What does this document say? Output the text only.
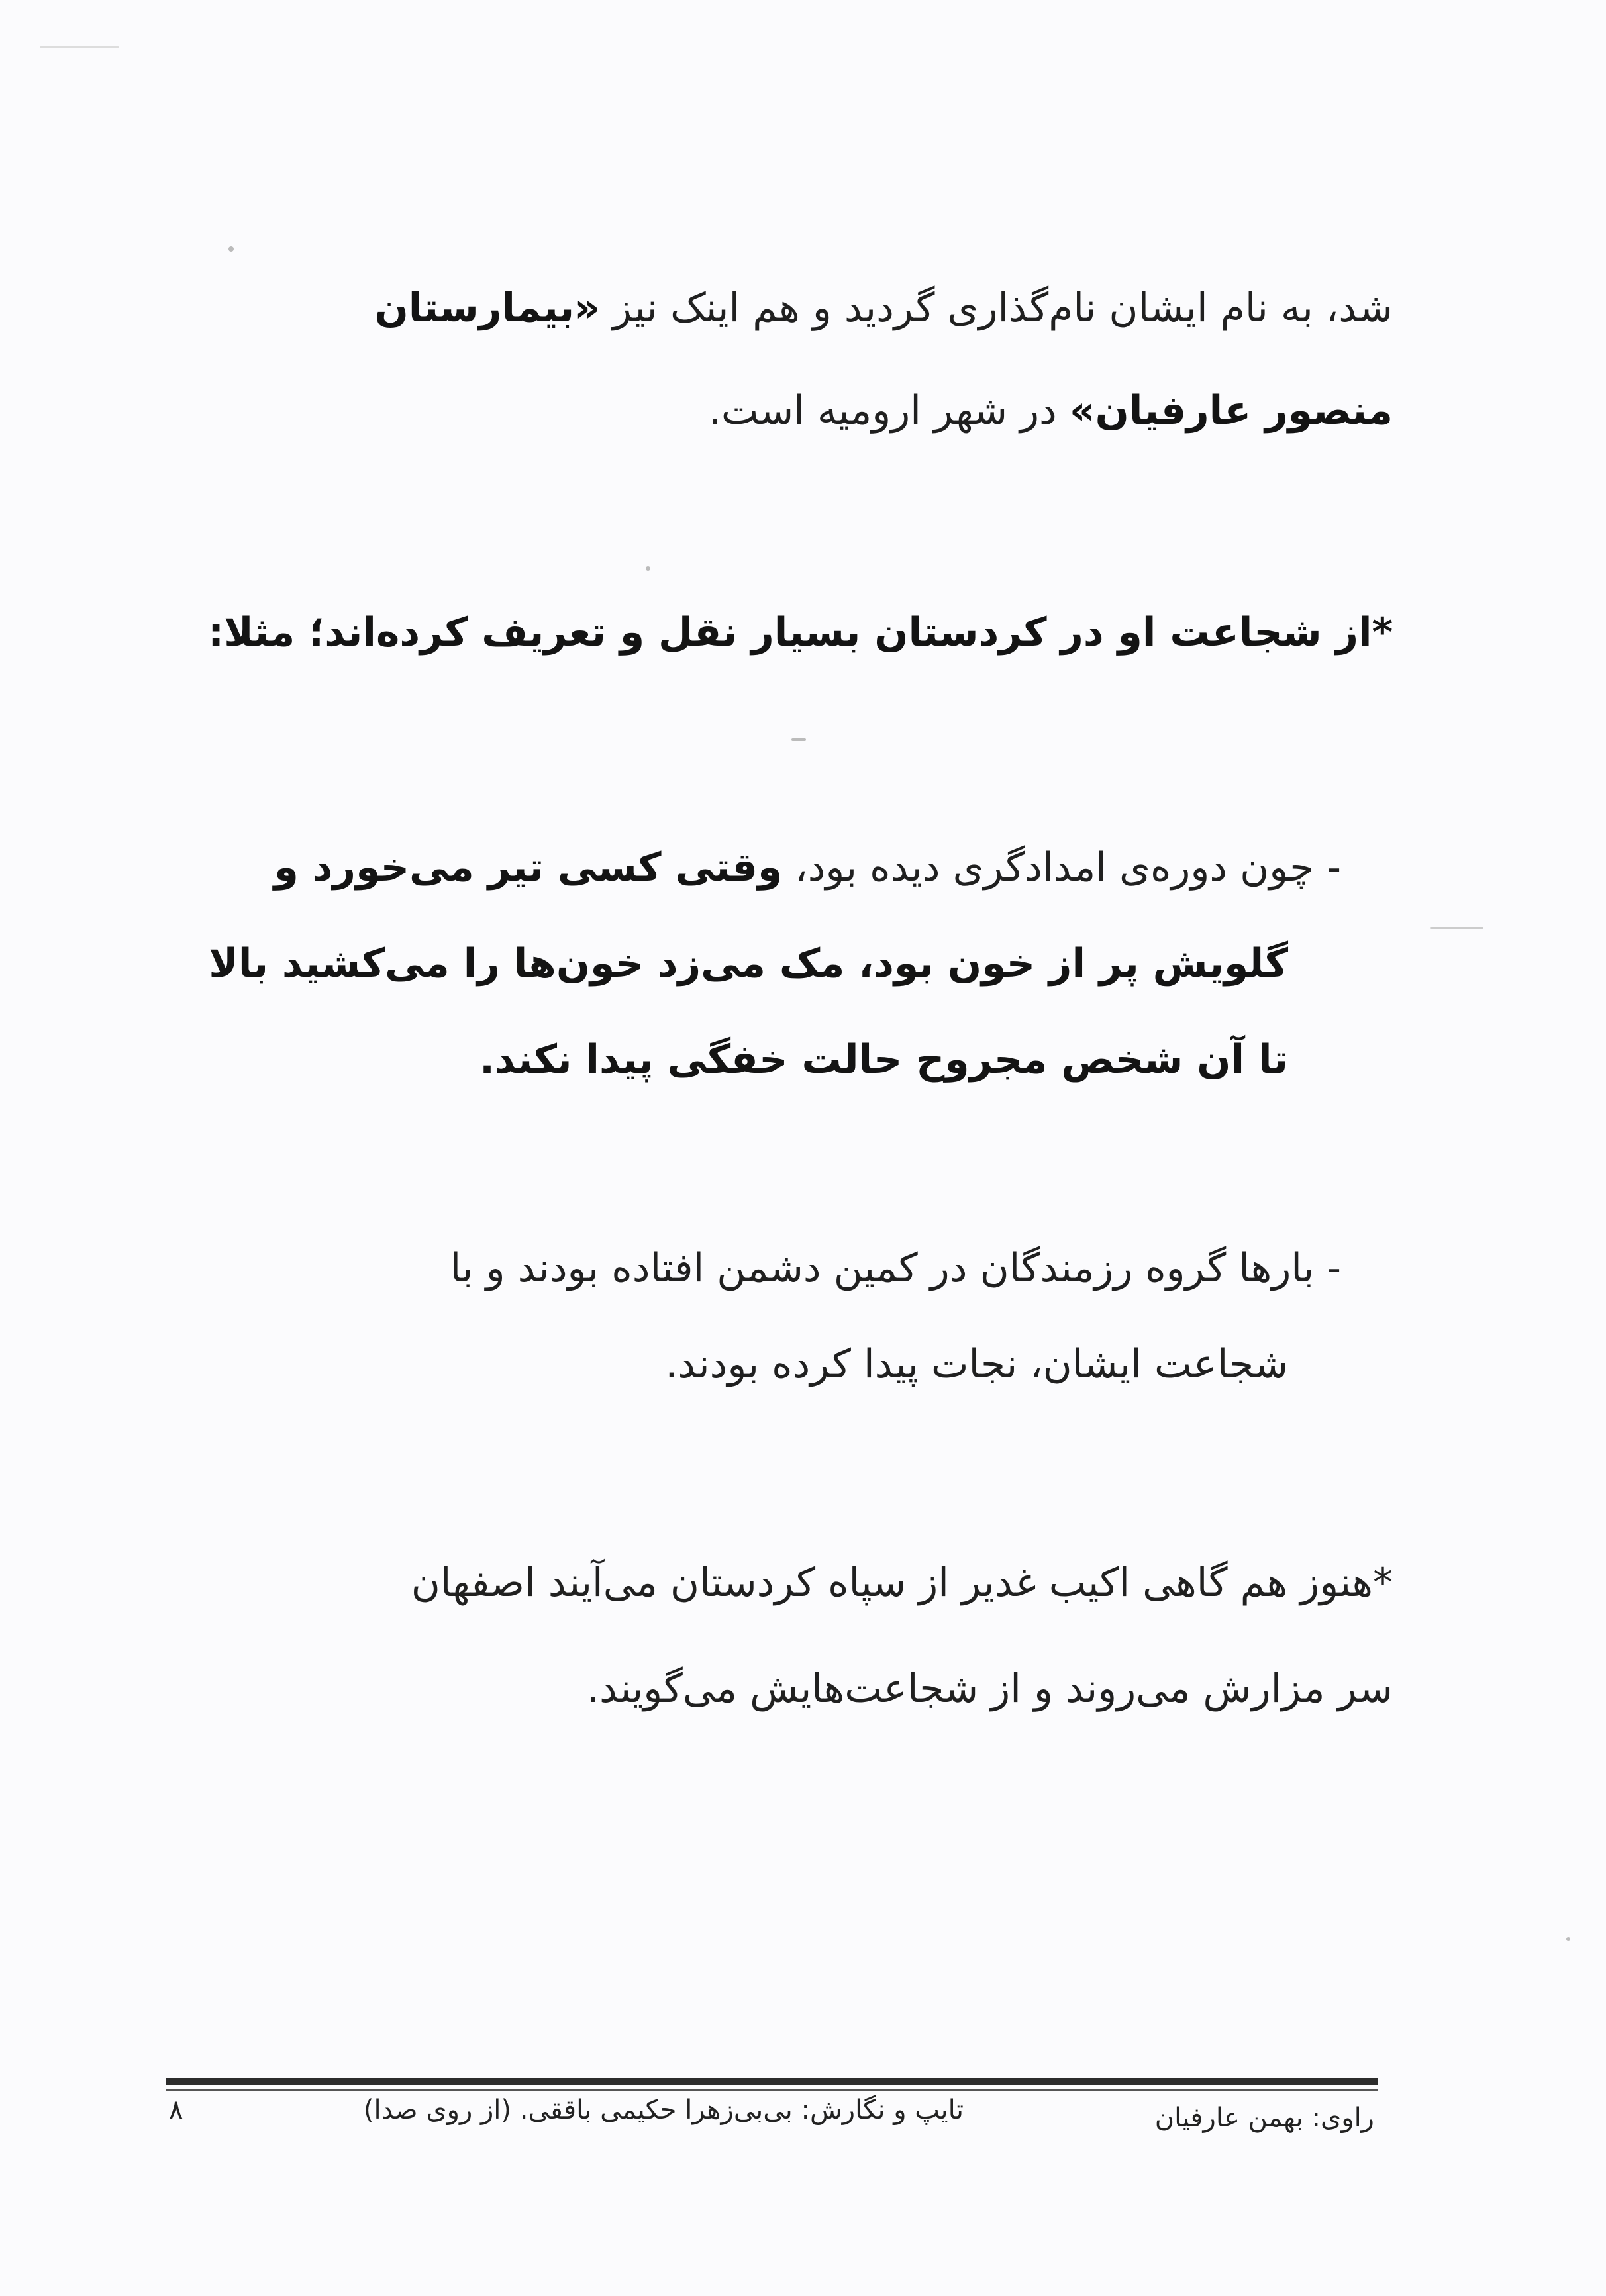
شد، به نام ایشان نام‌گذاری گردید و هم اینک نیز «بیمارستان
منصور عارفیان» در شهر ارومیه است.
*از شجاعت او در کردستان بسیار نقل و تعریف کرده‌اند؛ مثلا:
- چون دوره‌ی امدادگری دیده بود، وقتی کسی تیر می‌خورد و
گلویش پر از خون بود، مک می‌زد خون‌ها را می‌کشید بالا
تا آن شخص مجروح حالت خفگی پیدا نکند.
- بارها گروه رزمندگان در کمین دشمن افتاده بودند و با
شجاعت ایشان، نجات پیدا کرده بودند.
*هنوز هم گاهی اکیب غدیر از سپاه کردستان می‌آیند اصفهان
سر مزارش می‌روند و از شجاعت‌هایش می‌گویند.
راوی: بهمن عارفیان
تایپ و نگارش: بی‌بی‌زهرا حکیمی باققی. (از روی صدا)
۸
